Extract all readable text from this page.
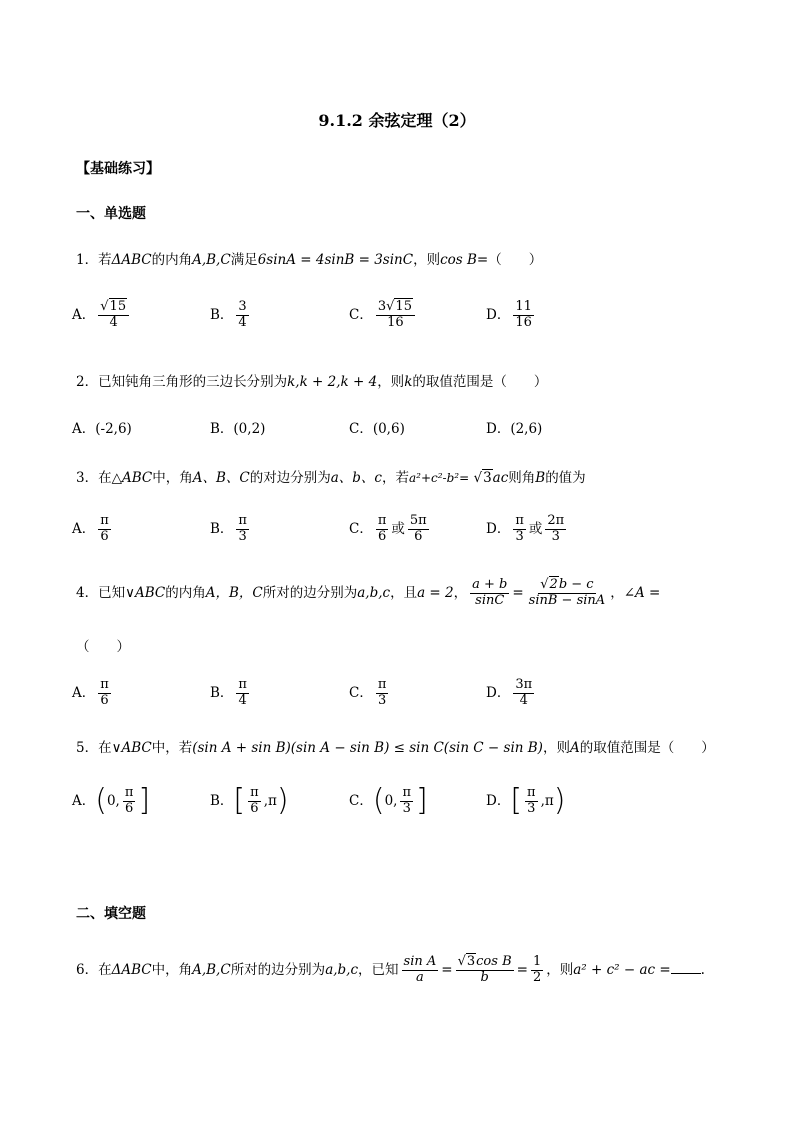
9.1.2 余弦定理（2）
【基础练习】
一、单选题
1．若ΔABC的内角A,B,C满足6sinA = 4sinB = 3sinC，则cos B=（　　）
A． $\frac{√15}{4}$	B． $\frac{3}{4}$	C． $\frac{3√15}{16}$	D． $\frac{11}{16}$
2．已知钝角三角形的三边长分别为k,k + 2,k + 4，则k的取值范围是（　　）
A．(-2,6)	B．(0,2)	C．(0,6)	D．(2,6)
3．在△ABC中，角A、B、C的对边分别为a、b、c，若a²+c²-b²= √3ac则角B的值为
A． $\frac{\pi}{6}$	B． $\frac{\pi}{3}$	C． $\frac{\pi}{6}$ 或 $\frac{5\pi}{6}$	D． $\frac{\pi}{3}$ 或 $\frac{2\pi}{3}$
4．已知∨ABC的内角A，B，C所对的边分别为a,b,c，且a = 2， $\frac{a + b}{\sin C} = \frac{√2b - c}{\sin B - \sin A}$ ，∠A =
（　　）
A． $\frac{\pi}{6}$	B． $\frac{\pi}{4}$	C． $\frac{\pi}{3}$	D． $\frac{3\pi}{4}$
5．在∨ABC中，若(sin A + sin B)(sin A − sin B) ≤ sin C(sin C − sin B)，则A的取值范围是（　　）
A． ( 0, $\frac{\pi}{6}$ ]	B． [ $\frac{\pi}{6} ,\pi$ )	C． ( 0, $\frac{\pi}{3}$ ]	D． [ $\frac{\pi}{3} ,\pi$ )
二、填空题
6．在ΔABC中，角A,B,C所对的边分别为a,b,c，已知 $\frac{\text{sin A}}{a} = \frac{\text{√3cos B}}{b} = \frac{1}{2}$ ，则a² + c² − ac = .
